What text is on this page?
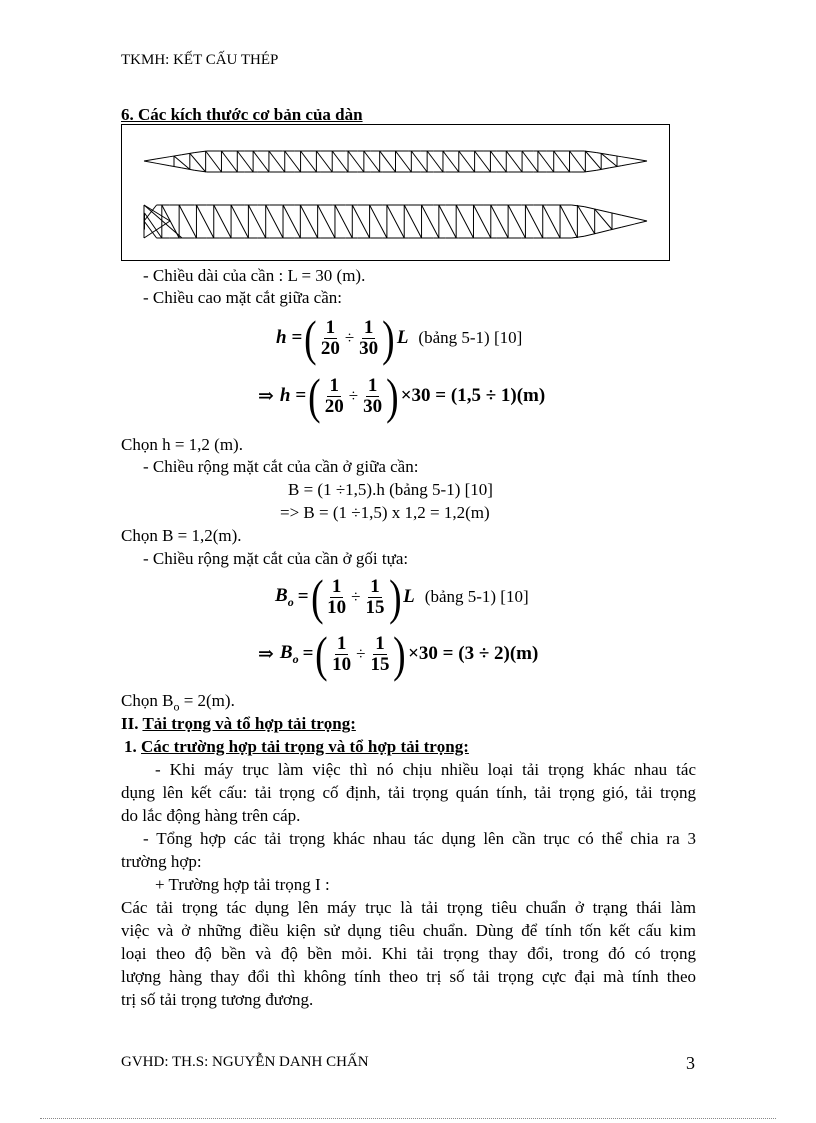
TKMH: KẾT CẤU THÉP
6. Các kích thước cơ bản của dàn
- Chiều dài của cần : L = 30 (m).
- Chiều cao mặt cắt giữa cần:
h = ( $\frac{1}{20} \div \frac{1}{30}$ ) L (bảng 5-1) [10]
⇒ h = ( $\frac{1}{20} \div \frac{1}{30}$ ) ×30 = (1,5 ÷ 1)(m)
Chọn h = 1,2 (m).
- Chiều rộng mặt cắt của cần ở giữa cần:
B = (1 ÷1,5).h (bảng 5-1) [10]
=> B = (1 ÷1,5) x 1,2 = 1,2(m)
Chọn B = 1,2(m).
- Chiều rộng mặt cắt của cần ở gối tựa:
$B_o$ = ( $\frac{1}{10} \div \frac{1}{15}$ ) L (bảng 5-1) [10]
⇒ $B_o$ = ( $\frac{1}{10} \div \frac{1}{15}$ ) ×30 = (3 ÷ 2)(m)
Chọn $B_o = 2(m)$.
II. Tải trọng và tổ hợp tải trọng:
1. Các trường hợp tải trọng và tổ hợp tải trọng:
- Khi máy trục làm việc thì nó chịu nhiều loại tải trọng khác nhau tác
dụng lên kết cấu: tải trọng cố định, tải trọng quán tính, tải trọng gió, tải trọng
do lắc động hàng trên cáp.
- Tổng hợp các tải trọng khác nhau tác dụng lên cần trục có thể chia ra 3
trường hợp:
+ Trường hợp tải trọng I :
Các tải trọng tác dụng lên máy trục là tải trọng tiêu chuẩn ở trạng thái làm
việc và ở những điều kiện sử dụng tiêu chuẩn. Dùng để tính tốn kết cấu kim
loại theo độ bền và độ bền mỏi. Khi tải trọng thay đổi, trong đó có trọng
lượng hàng thay đổi thì không tính theo trị số tải trọng cực đại mà tính theo
trị số tải trọng tương đương.
GVHD: TH.S: NGUYỄN DANH CHẤN	3
